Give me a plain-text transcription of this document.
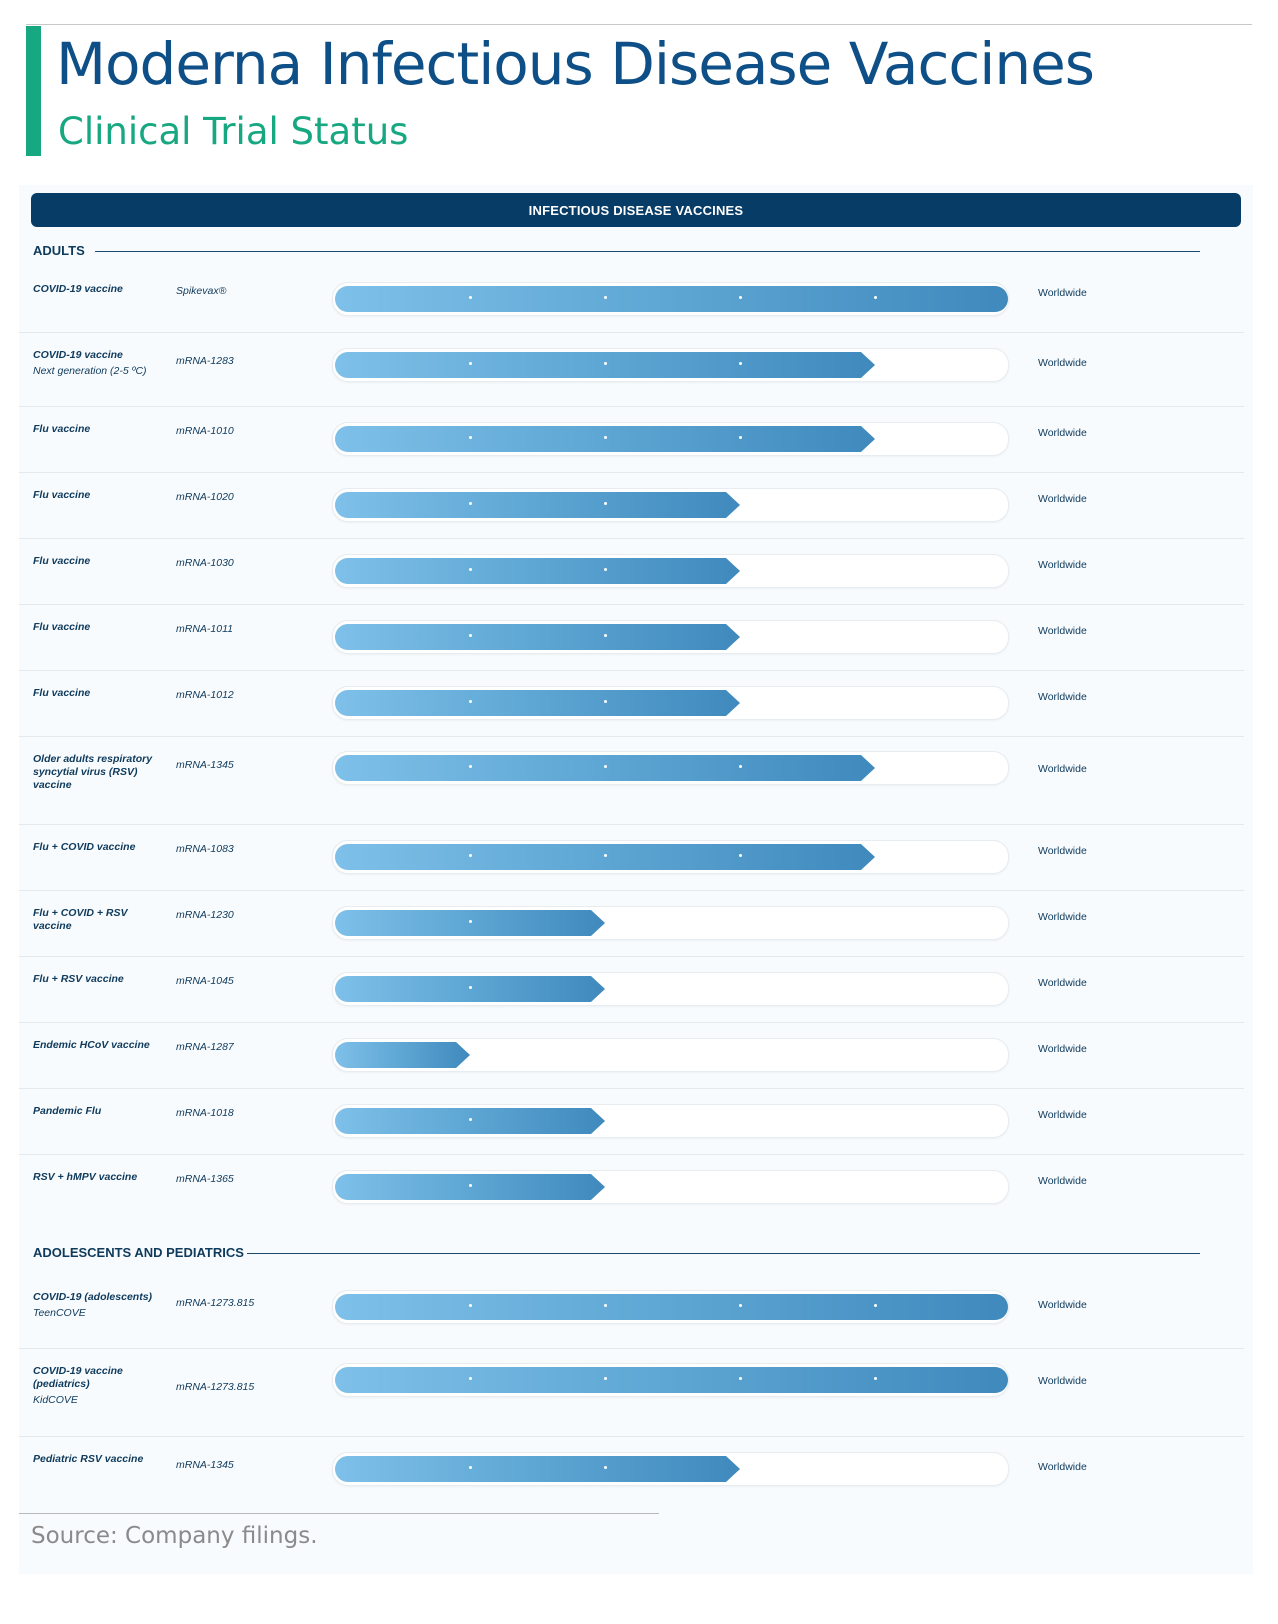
Moderna Infectious Disease Vaccines
Clinical Trial Status
INFECTIOUS DISEASE VACCINES
ADULTS
COVID-19 vaccine	Spikevax®	Worldwide
COVID-19 vaccine
Next generation (2-5 ºC)
mRNA-1283	Worldwide
Flu vaccine	mRNA-1010	Worldwide
Flu vaccine	mRNA-1020	Worldwide
Flu vaccine	mRNA-1030	Worldwide
Flu vaccine	mRNA-1011	Worldwide
Flu vaccine	mRNA-1012	Worldwide
Older adults respiratory syncytial virus (RSV) vaccine
mRNA-1345	Worldwide
Flu + COVID vaccine	mRNA-1083	Worldwide
Flu + COVID + RSV vaccine
mRNA-1230	Worldwide
Flu + RSV vaccine	mRNA-1045	Worldwide
Endemic HCoV vaccine	mRNA-1287	Worldwide
Pandemic Flu	mRNA-1018	Worldwide
RSV + hMPV vaccine	mRNA-1365	Worldwide
ADOLESCENTS AND PEDIATRICS
COVID-19 (adolescents)
TeenCOVE
mRNA-1273.815	Worldwide
COVID-19 vaccine (pediatrics)
KidCOVE
mRNA-1273.815	Worldwide
Pediatric RSV vaccine	mRNA-1345	Worldwide

Source: Company filings.
